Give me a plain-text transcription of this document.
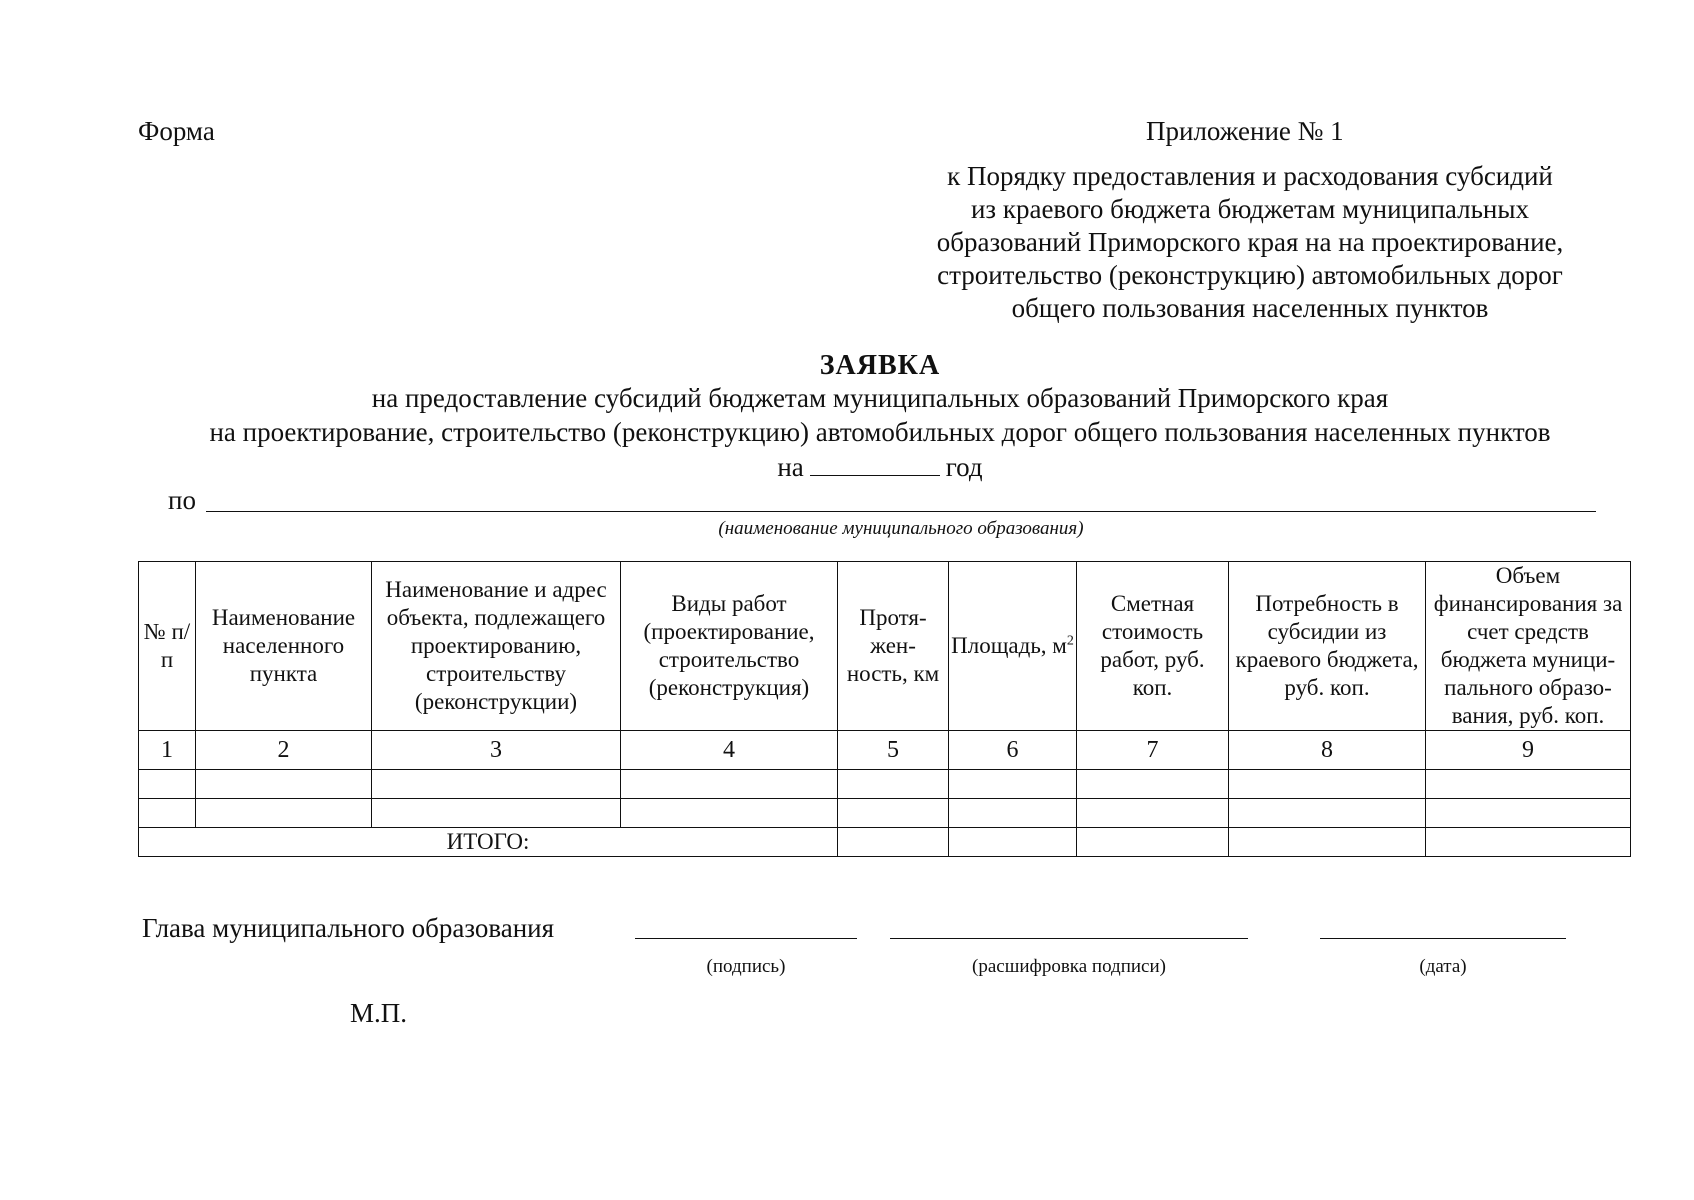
Форма	Приложение № 1
к Порядку предоставления и расходования субсидий
из краевого бюджета бюджетам муниципальных
образований Приморского края на на проектирование,
строительство (реконструкцию) автомобильных дорог
общего пользования населенных пунктов
ЗАЯВКА
на предоставление субсидий бюджетам муниципальных образований Приморского края
на проектирование, строительство (реконструкцию) автомобильных дорог общего пользования населенных пунктов
на	год
по
(наименование муниципального образования)
№ п/п	Наименование населенного пункта	Наименование и адрес объекта, подлежащего проектированию, строительству (реконструкции)	Виды работ (проектирование, строительство (реконструкция)	Протя-жен-ность, км	Площадь, $м^2$	Сметная стоимость работ, руб. коп.	Потребность в субсидии из краевого бюджета, руб. коп.	Объем финансирования за счет средств бюджета муници-пального образо-вания, руб. коп.
1	2	3	4	5	6	7	8	9

ИТОГО:								
Глава муниципального образования
(подпись)	(расшифровка подписи)	(дата)
М.П.
